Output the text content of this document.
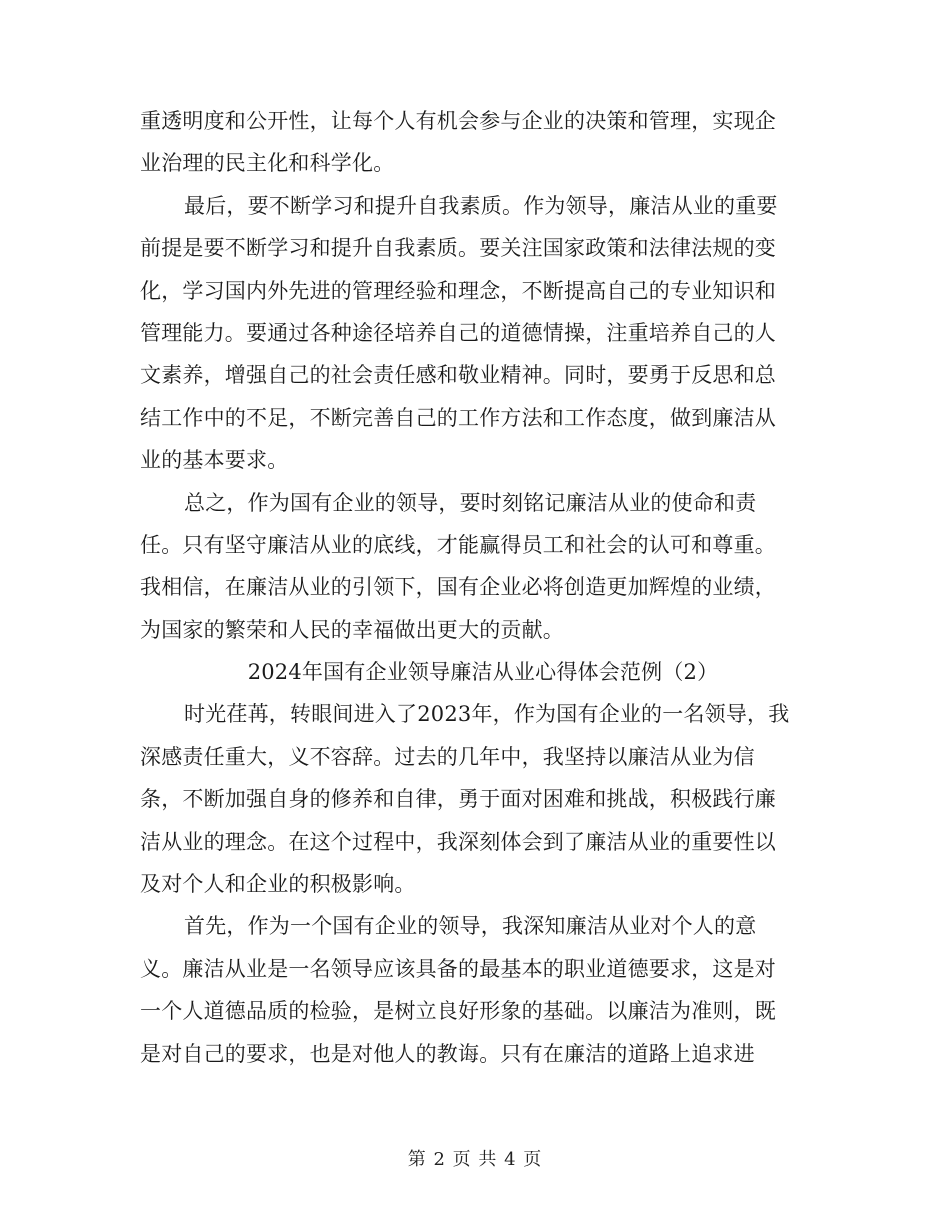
重透明度和公开性，让每个人有机会参与企业的决策和管理，实现企
业治理的民主化和科学化。
最后，要不断学习和提升自我素质。作为领导，廉洁从业的重要
前提是要不断学习和提升自我素质。要关注国家政策和法律法规的变
化，学习国内外先进的管理经验和理念，不断提高自己的专业知识和
管理能力。要通过各种途径培养自己的道德情操，注重培养自己的人
文素养，增强自己的社会责任感和敬业精神。同时，要勇于反思和总
结工作中的不足，不断完善自己的工作方法和工作态度，做到廉洁从
业的基本要求。
总之，作为国有企业的领导，要时刻铭记廉洁从业的使命和责
任。只有坚守廉洁从业的底线，才能赢得员工和社会的认可和尊重。
我相信，在廉洁从业的引领下，国有企业必将创造更加辉煌的业绩，
为国家的繁荣和人民的幸福做出更大的贡献。
2024年国有企业领导廉洁从业心得体会范例（2）
时光荏苒，转眼间进入了2023年，作为国有企业的一名领导，我
深感责任重大，义不容辞。过去的几年中，我坚持以廉洁从业为信
条，不断加强自身的修养和自律，勇于面对困难和挑战，积极践行廉
洁从业的理念。在这个过程中，我深刻体会到了廉洁从业的重要性以
及对个人和企业的积极影响。
首先，作为一个国有企业的领导，我深知廉洁从业对个人的意
义。廉洁从业是一名领导应该具备的最基本的职业道德要求，这是对
一个人道德品质的检验，是树立良好形象的基础。以廉洁为准则，既
是对自己的要求，也是对他人的教诲。只有在廉洁的道路上追求进
第 2 页 共 4 页
